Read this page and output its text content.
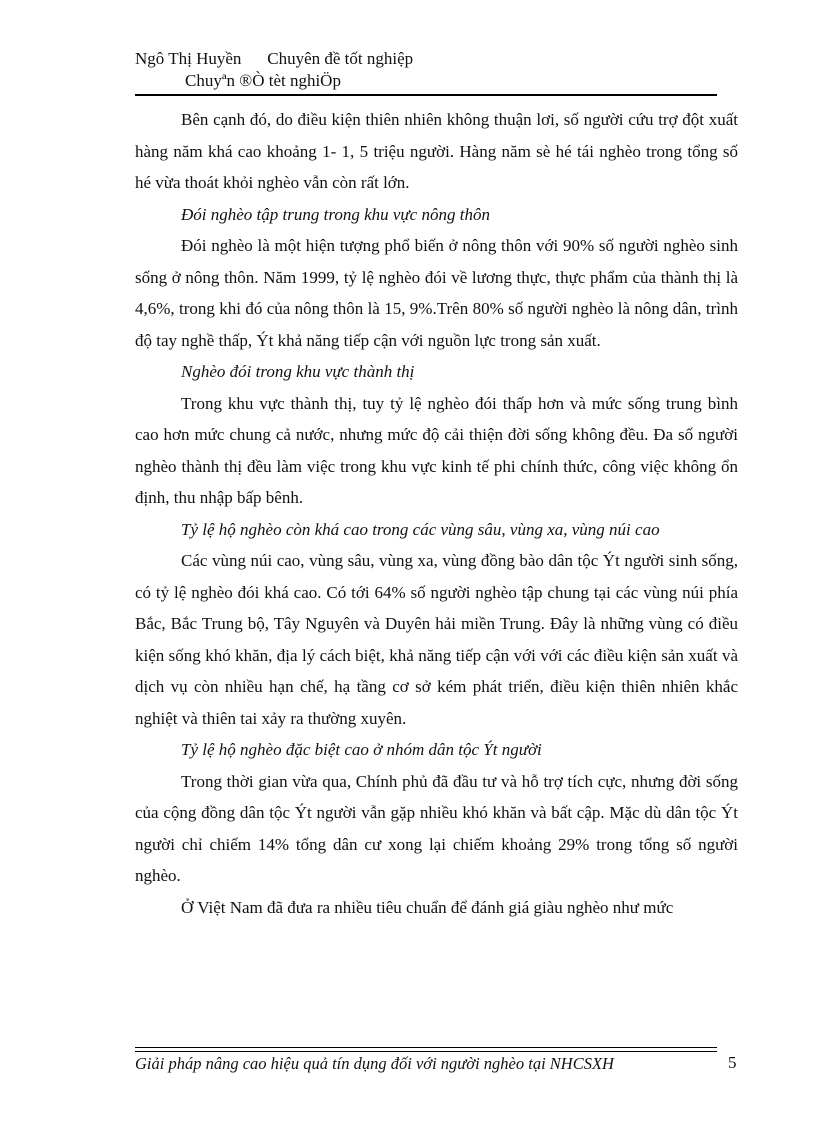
Ngô Thị Huyền Chuyên đề tốt nghiệp
Chuyªn ®Ò tèt nghiÖp

Bên cạnh đó, do điều kiện thiên nhiên không thuận lơi, số người cứu trợ đột xuất hàng năm khá cao khoảng 1- 1, 5 triệu người. Hàng năm sè hé tái nghèo trong tổng số hé vừa thoát khỏi nghèo vẫn còn rất lớn.

Đói nghèo tập trung trong khu vực nông thôn

Đói nghèo là một hiện tượng phổ biến ở nông thôn với 90% số người nghèo sinh sống ở nông thôn. Năm 1999, tỷ lệ nghèo đói về lương thực, thực phẩm của thành thị là 4,6%, trong khi đó của nông thôn là 15, 9%.Trên 80% số người nghèo là nông dân, trình độ tay nghề thấp, Ýt khả năng tiếp cận với nguồn lực trong sản xuất.

Nghèo đói trong khu vực thành thị

Trong khu vực thành thị, tuy tỷ lệ nghèo đói thấp hơn và mức sống trung bình cao hơn mức chung cả nước, nhưng mức độ cải thiện đời sống không đều. Đa số người nghèo thành thị đều làm việc trong khu vực kinh tế phi chính thức, công việc không ổn định, thu nhập bấp bênh.

Tỷ lệ hộ nghèo còn khá cao trong các vùng sâu, vùng xa, vùng núi cao

Các vùng núi cao, vùng sâu, vùng xa, vùng đồng bào dân tộc Ýt người sinh sống, có tỷ lệ nghèo đói khá cao. Có tới 64% số người nghèo tập chung tại các vùng núi phía Bắc, Bắc Trung bộ, Tây Nguyên và Duyên hải miền Trung. Đây là những vùng có điều kiện sống khó khăn, địa lý cách biệt, khả năng tiếp cận với với các điều kiện sản xuất và dịch vụ còn nhiều hạn chế, hạ tầng cơ sở kém phát triển, điều kiện thiên nhiên khắc nghiệt và thiên tai xảy ra thường xuyên.

Tỷ lệ hộ nghèo đặc biệt cao ở nhóm dân tộc Ýt người

Trong thời gian vừa qua, Chính phủ đã đầu tư và hỗ trợ tích cực, nhưng đời sống của cộng đồng dân tộc Ýt người vẫn gặp nhiều khó khăn và bất cập. Mặc dù dân tộc Ýt người chỉ chiếm 14% tổng dân cư xong lại chiếm khoảng 29% trong tổng số người nghèo.

Ở Việt Nam đã đưa ra nhiều tiêu chuẩn để đánh giá giàu nghèo như mức

Giải pháp nâng cao hiệu quả tín dụng đối với người nghèo tại NHCSXH	5
